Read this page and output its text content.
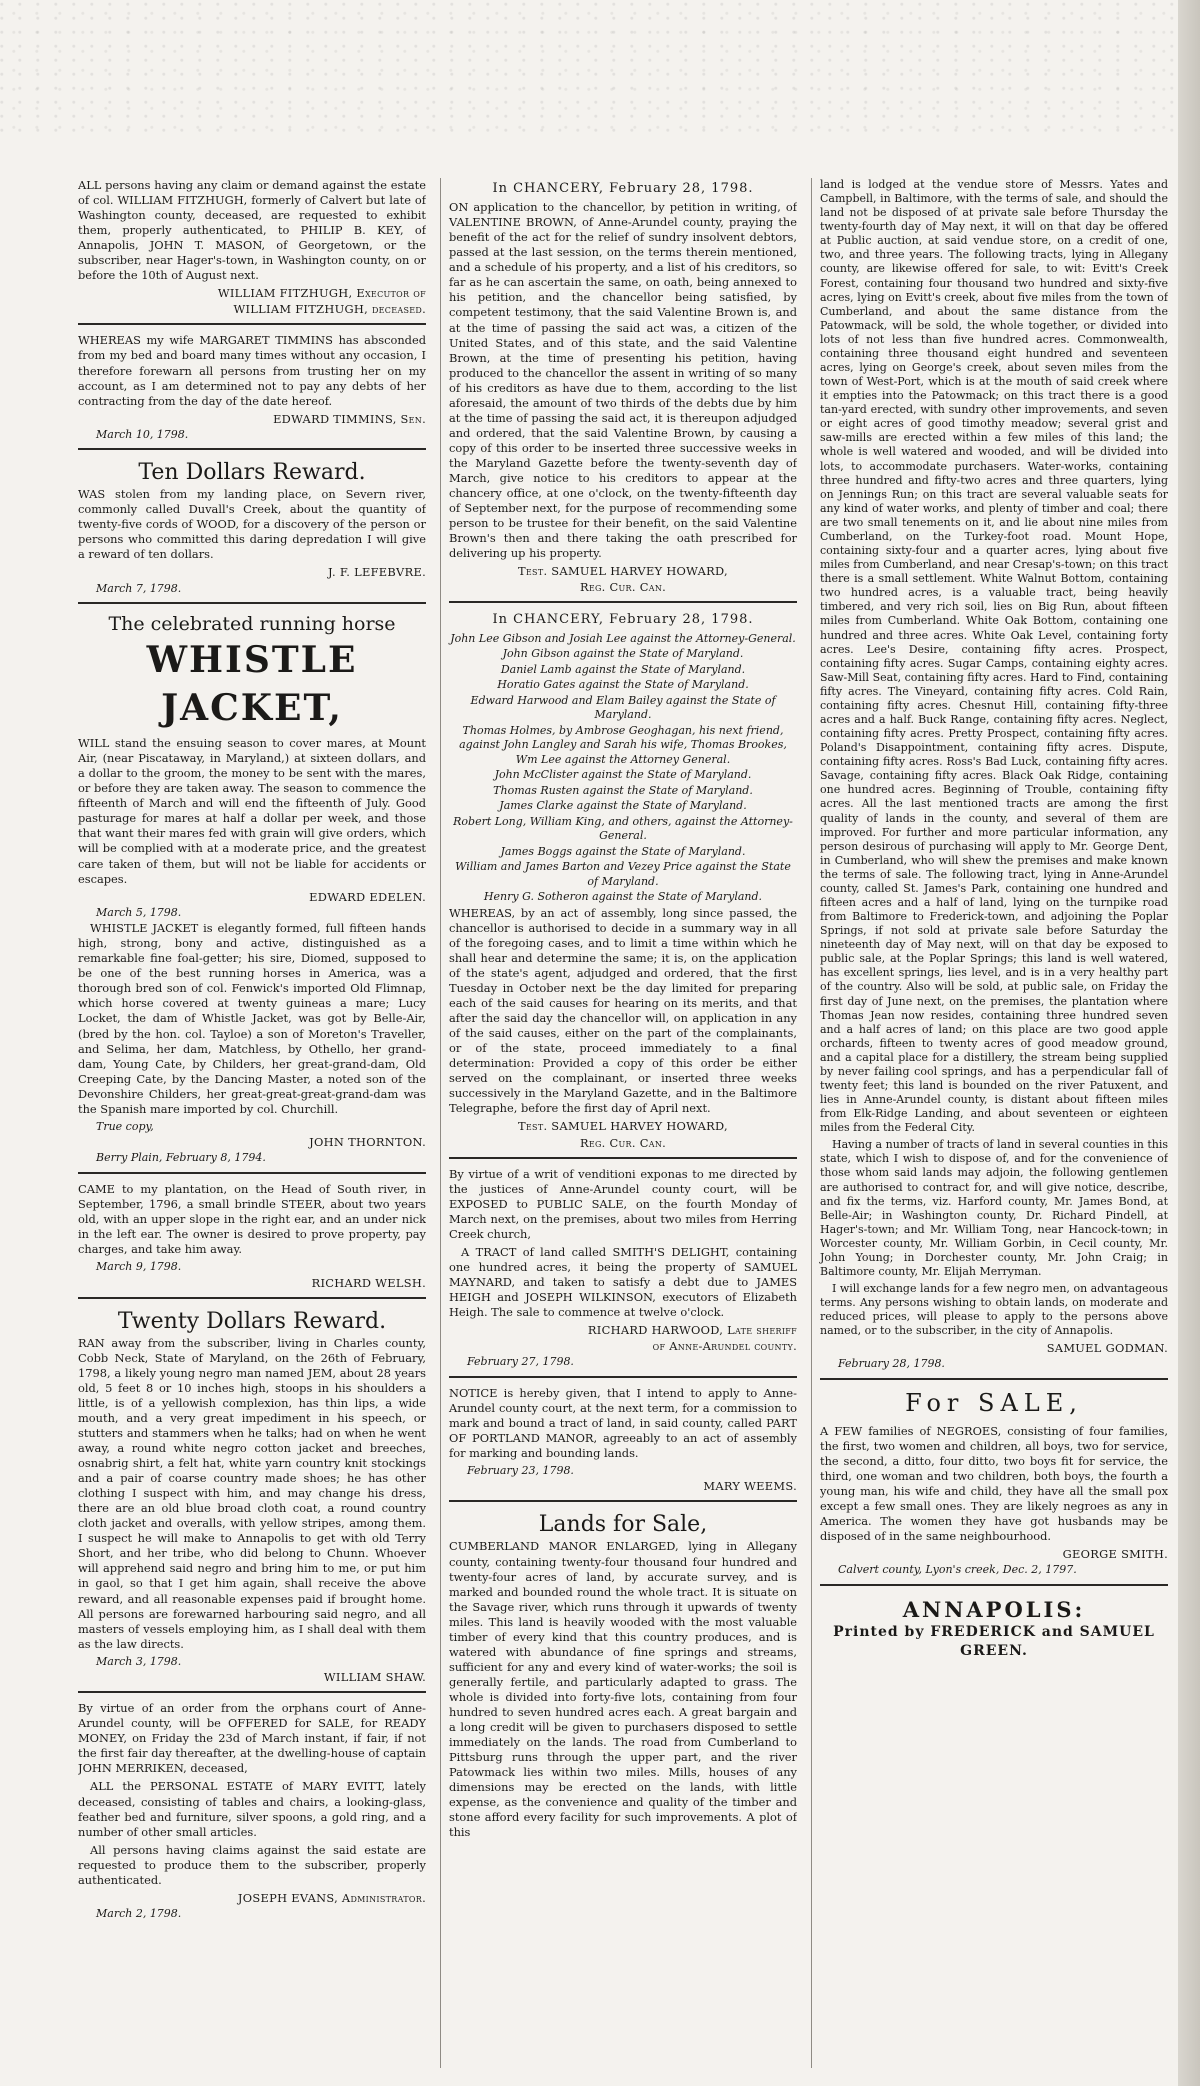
ALL persons having any claim or demand against the estate of col. WILLIAM FITZHUGH, formerly of Calvert but late of Washington county, deceased, are requested to exhibit them, properly authenticated, to PHILIP B. KEY, of Annapolis, JOHN T. MASON, of Georgetown, or the subscriber, near Hager's-town, in Washington county, on or before the 10th of August next.

WILLIAM FITZHUGH, Executor of

WILLIAM FITZHUGH, deceased.

WHEREAS my wife MARGARET TIMMINS has absconded from my bed and board many times without any occasion, I therefore forewarn all persons from trusting her on my account, as I am determined not to pay any debts of her contracting from the day of the date hereof.

EDWARD TIMMINS, Sen.

March 10, 1798.

Ten Dollars Reward.

WAS stolen from my landing place, on Severn river, commonly called Duvall's Creek, about the quantity of twenty-five cords of WOOD, for a discovery of the person or persons who committed this daring depredation I will give a reward of ten dollars.

J. F. LEFEBVRE.

March 7, 1798.

The celebrated running horse
WHISTLE JACKET,

WILL stand the ensuing season to cover mares, at Mount Air, (near Piscataway, in Maryland,) at sixteen dollars, and a dollar to the groom, the money to be sent with the mares, or before they are taken away. The season to commence the fifteenth of March and will end the fifteenth of July. Good pasturage for mares at half a dollar per week, and those that want their mares fed with grain will give orders, which will be complied with at a moderate price, and the greatest care taken of them, but will not be liable for accidents or escapes.

EDWARD EDELEN.

March 5, 1798.

WHISTLE JACKET is elegantly formed, full fifteen hands high, strong, bony and active, distinguished as a remarkable fine foal-getter; his sire, Diomed, supposed to be one of the best running horses in America, was a thorough bred son of col. Fenwick's imported Old Flimnap, which horse covered at twenty guineas a mare; Lucy Locket, the dam of Whistle Jacket, was got by Belle-Air, (bred by the hon. col. Tayloe) a son of Moreton's Traveller, and Selima, her dam, Matchless, by Othello, her grand-dam, Young Cate, by Childers, her great-grand-dam, Old Creeping Cate, by the Dancing Master, a noted son of the Devonshire Childers, her great-great-great-grand-dam was the Spanish mare imported by col. Churchill.

True copy,

JOHN THORNTON.

Berry Plain, February 8, 1794.

CAME to my plantation, on the Head of South river, in September, 1796, a small brindle STEER, about two years old, with an upper slope in the right ear, and an under nick in the left ear. The owner is desired to prove property, pay charges, and take him away.

March 9, 1798.

RICHARD WELSH.

Twenty Dollars Reward.

RAN away from the subscriber, living in Charles county, Cobb Neck, State of Maryland, on the 26th of February, 1798, a likely young negro man named JEM, about 28 years old, 5 feet 8 or 10 inches high, stoops in his shoulders a little, is of a yellowish complexion, has thin lips, a wide mouth, and a very great impediment in his speech, or stutters and stammers when he talks; had on when he went away, a round white negro cotton jacket and breeches, osnabrig shirt, a felt hat, white yarn country knit stockings and a pair of coarse country made shoes; he has other clothing I suspect with him, and may change his dress, there are an old blue broad cloth coat, a round country cloth jacket and overalls, with yellow stripes, among them. I suspect he will make to Annapolis to get with old Terry Short, and her tribe, who did belong to Chunn. Whoever will apprehend said negro and bring him to me, or put him in gaol, so that I get him again, shall receive the above reward, and all reasonable expenses paid if brought home. All persons are forewarned harbouring said negro, and all masters of vessels employing him, as I shall deal with them as the law directs.

March 3, 1798.

WILLIAM SHAW.

By virtue of an order from the orphans court of Anne-Arundel county, will be OFFERED for SALE, for READY MONEY, on Friday the 23d of March instant, if fair, if not the first fair day thereafter, at the dwelling-house of captain JOHN MERRIKEN, deceased,

ALL the PERSONAL ESTATE of MARY EVITT, lately deceased, consisting of tables and chairs, a looking-glass, feather bed and furniture, silver spoons, a gold ring, and a number of other small articles.

All persons having claims against the said estate are requested to produce them to the subscriber, properly authenticated.

JOSEPH EVANS, Administrator.

March 2, 1798.

In CHANCERY, February 28, 1798.

ON application to the chancellor, by petition in writing, of VALENTINE BROWN, of Anne-Arundel county, praying the benefit of the act for the relief of sundry insolvent debtors, passed at the last session, on the terms therein mentioned, and a schedule of his property, and a list of his creditors, so far as he can ascertain the same, on oath, being annexed to his petition, and the chancellor being satisfied, by competent testimony, that the said Valentine Brown is, and at the time of passing the said act was, a citizen of the United States, and of this state, and the said Valentine Brown, at the time of presenting his petition, having produced to the chancellor the assent in writing of so many of his creditors as have due to them, according to the list aforesaid, the amount of two thirds of the debts due by him at the time of passing the said act, it is thereupon adjudged and ordered, that the said Valentine Brown, by causing a copy of this order to be inserted three successive weeks in the Maryland Gazette before the twenty-seventh day of March, give notice to his creditors to appear at the chancery office, at one o'clock, on the twenty-fifteenth day of September next, for the purpose of recommending some person to be trustee for their benefit, on the said Valentine Brown's then and there taking the oath prescribed for delivering up his property.

Test. SAMUEL HARVEY HOWARD,

Reg. Cur. Can.

In CHANCERY, February 28, 1798.
John Lee Gibson and Josiah Lee against the Attorney-General.
John Gibson against the State of Maryland.
Daniel Lamb against the State of Maryland.
Horatio Gates against the State of Maryland.
Edward Harwood and Elam Bailey against the State of Maryland.
Thomas Holmes, by Ambrose Geoghagan, his next friend, against John Langley and Sarah his wife, Thomas Brookes, Wm Lee against the Attorney General.
John McClister against the State of Maryland.
Thomas Rusten against the State of Maryland.
James Clarke against the State of Maryland.
Robert Long, William King, and others, against the Attorney-General.
James Boggs against the State of Maryland.
William and James Barton and Vezey Price against the State of Maryland.
Henry G. Sotheron against the State of Maryland.

WHEREAS, by an act of assembly, long since passed, the chancellor is authorised to decide in a summary way in all of the foregoing cases, and to limit a time within which he shall hear and determine the same; it is, on the application of the state's agent, adjudged and ordered, that the first Tuesday in October next be the day limited for preparing each of the said causes for hearing on its merits, and that after the said day the chancellor will, on application in any of the said causes, either on the part of the complainants, or of the state, proceed immediately to a final determination: Provided a copy of this order be either served on the complainant, or inserted three weeks successively in the Maryland Gazette, and in the Baltimore Telegraphe, before the first day of April next.

Test. SAMUEL HARVEY HOWARD,

Reg. Cur. Can.

By virtue of a writ of venditioni exponas to me directed by the justices of Anne-Arundel county court, will be EXPOSED to PUBLIC SALE, on the fourth Monday of March next, on the premises, about two miles from Herring Creek church,

A TRACT of land called SMITH'S DELIGHT, containing one hundred acres, it being the property of SAMUEL MAYNARD, and taken to satisfy a debt due to JAMES HEIGH and JOSEPH WILKINSON, executors of Elizabeth Heigh. The sale to commence at twelve o'clock.

RICHARD HARWOOD, Late sheriff

of Anne-Arundel county.

February 27, 1798.

NOTICE is hereby given, that I intend to apply to Anne-Arundel county court, at the next term, for a commission to mark and bound a tract of land, in said county, called PART OF PORTLAND MANOR, agreeably to an act of assembly for marking and bounding lands.

February 23, 1798.

MARY WEEMS.

Lands for Sale,

CUMBERLAND MANOR ENLARGED, lying in Allegany county, containing twenty-four thousand four hundred and twenty-four acres of land, by accurate survey, and is marked and bounded round the whole tract. It is situate on the Savage river, which runs through it upwards of twenty miles. This land is heavily wooded with the most valuable timber of every kind that this country produces, and is watered with abundance of fine springs and streams, sufficient for any and every kind of water-works; the soil is generally fertile, and particularly adapted to grass. The whole is divided into forty-five lots, containing from four hundred to seven hundred acres each. A great bargain and a long credit will be given to purchasers disposed to settle immediately on the lands. The road from Cumberland to Pittsburg runs through the upper part, and the river Patowmack lies within two miles. Mills, houses of any dimensions may be erected on the lands, with little expense, as the convenience and quality of the timber and stone afford every facility for such improvements. A plot of this

land is lodged at the vendue store of Messrs. Yates and Campbell, in Baltimore, with the terms of sale, and should the land not be disposed of at private sale before Thursday the twenty-fourth day of May next, it will on that day be offered at Public auction, at said vendue store, on a credit of one, two, and three years. The following tracts, lying in Allegany county, are likewise offered for sale, to wit: Evitt's Creek Forest, containing four thousand two hundred and sixty-five acres, lying on Evitt's creek, about five miles from the town of Cumberland, and about the same distance from the Patowmack, will be sold, the whole together, or divided into lots of not less than five hundred acres. Commonwealth, containing three thousand eight hundred and seventeen acres, lying on George's creek, about seven miles from the town of West-Port, which is at the mouth of said creek where it empties into the Patowmack; on this tract there is a good tan-yard erected, with sundry other improvements, and seven or eight acres of good timothy meadow; several grist and saw-mills are erected within a few miles of this land; the whole is well watered and wooded, and will be divided into lots, to accommodate purchasers. Water-works, containing three hundred and fifty-two acres and three quarters, lying on Jennings Run; on this tract are several valuable seats for any kind of water works, and plenty of timber and coal; there are two small tenements on it, and lie about nine miles from Cumberland, on the Turkey-foot road. Mount Hope, containing sixty-four and a quarter acres, lying about five miles from Cumberland, and near Cresap's-town; on this tract there is a small settlement. White Walnut Bottom, containing two hundred acres, is a valuable tract, being heavily timbered, and very rich soil, lies on Big Run, about fifteen miles from Cumberland. White Oak Bottom, containing one hundred and three acres. White Oak Level, containing forty acres. Lee's Desire, containing fifty acres. Prospect, containing fifty acres. Sugar Camps, containing eighty acres. Saw-Mill Seat, containing fifty acres. Hard to Find, containing fifty acres. The Vineyard, containing fifty acres. Cold Rain, containing fifty acres. Chesnut Hill, containing fifty-three acres and a half. Buck Range, containing fifty acres. Neglect, containing fifty acres. Pretty Prospect, containing fifty acres. Poland's Disappointment, containing fifty acres. Dispute, containing fifty acres. Ross's Bad Luck, containing fifty acres. Savage, containing fifty acres. Black Oak Ridge, containing one hundred acres. Beginning of Trouble, containing fifty acres. All the last mentioned tracts are among the first quality of lands in the county, and several of them are improved. For further and more particular information, any person desirous of purchasing will apply to Mr. George Dent, in Cumberland, who will shew the premises and make known the terms of sale. The following tract, lying in Anne-Arundel county, called St. James's Park, containing one hundred and fifteen acres and a half of land, lying on the turnpike road from Baltimore to Frederick-town, and adjoining the Poplar Springs, if not sold at private sale before Saturday the nineteenth day of May next, will on that day be exposed to public sale, at the Poplar Springs; this land is well watered, has excellent springs, lies level, and is in a very healthy part of the country. Also will be sold, at public sale, on Friday the first day of June next, on the premises, the plantation where Thomas Jean now resides, containing three hundred seven and a half acres of land; on this place are two good apple orchards, fifteen to twenty acres of good meadow ground, and a capital place for a distillery, the stream being supplied by never failing cool springs, and has a perpendicular fall of twenty feet; this land is bounded on the river Patuxent, and lies in Anne-Arundel county, is distant about fifteen miles from Elk-Ridge Landing, and about seventeen or eighteen miles from the Federal City.

Having a number of tracts of land in several counties in this state, which I wish to dispose of, and for the convenience of those whom said lands may adjoin, the following gentlemen are authorised to contract for, and will give notice, describe, and fix the terms, viz. Harford county, Mr. James Bond, at Belle-Air; in Washington county, Dr. Richard Pindell, at Hager's-town; and Mr. William Tong, near Hancock-town; in Worcester county, Mr. William Gorbin, in Cecil county, Mr. John Young; in Dorchester county, Mr. John Craig; in Baltimore county, Mr. Elijah Merryman.

I will exchange lands for a few negro men, on advantageous terms. Any persons wishing to obtain lands, on moderate and reduced prices, will please to apply to the persons above named, or to the subscriber, in the city of Annapolis.

SAMUEL GODMAN.

February 28, 1798.

For SALE,

A FEW families of NEGROES, consisting of four families, the first, two women and children, all boys, two for service, the second, a ditto, four ditto, two boys fit for service, the third, one woman and two children, both boys, the fourth a young man, his wife and child, they have all the small pox except a few small ones. They are likely negroes as any in America. The women they have got husbands may be disposed of in the same neighbourhood.

GEORGE SMITH.

Calvert county, Lyon's creek, Dec. 2, 1797.

ANNAPOLIS:
Printed by FREDERICK and SAMUEL GREEN.
